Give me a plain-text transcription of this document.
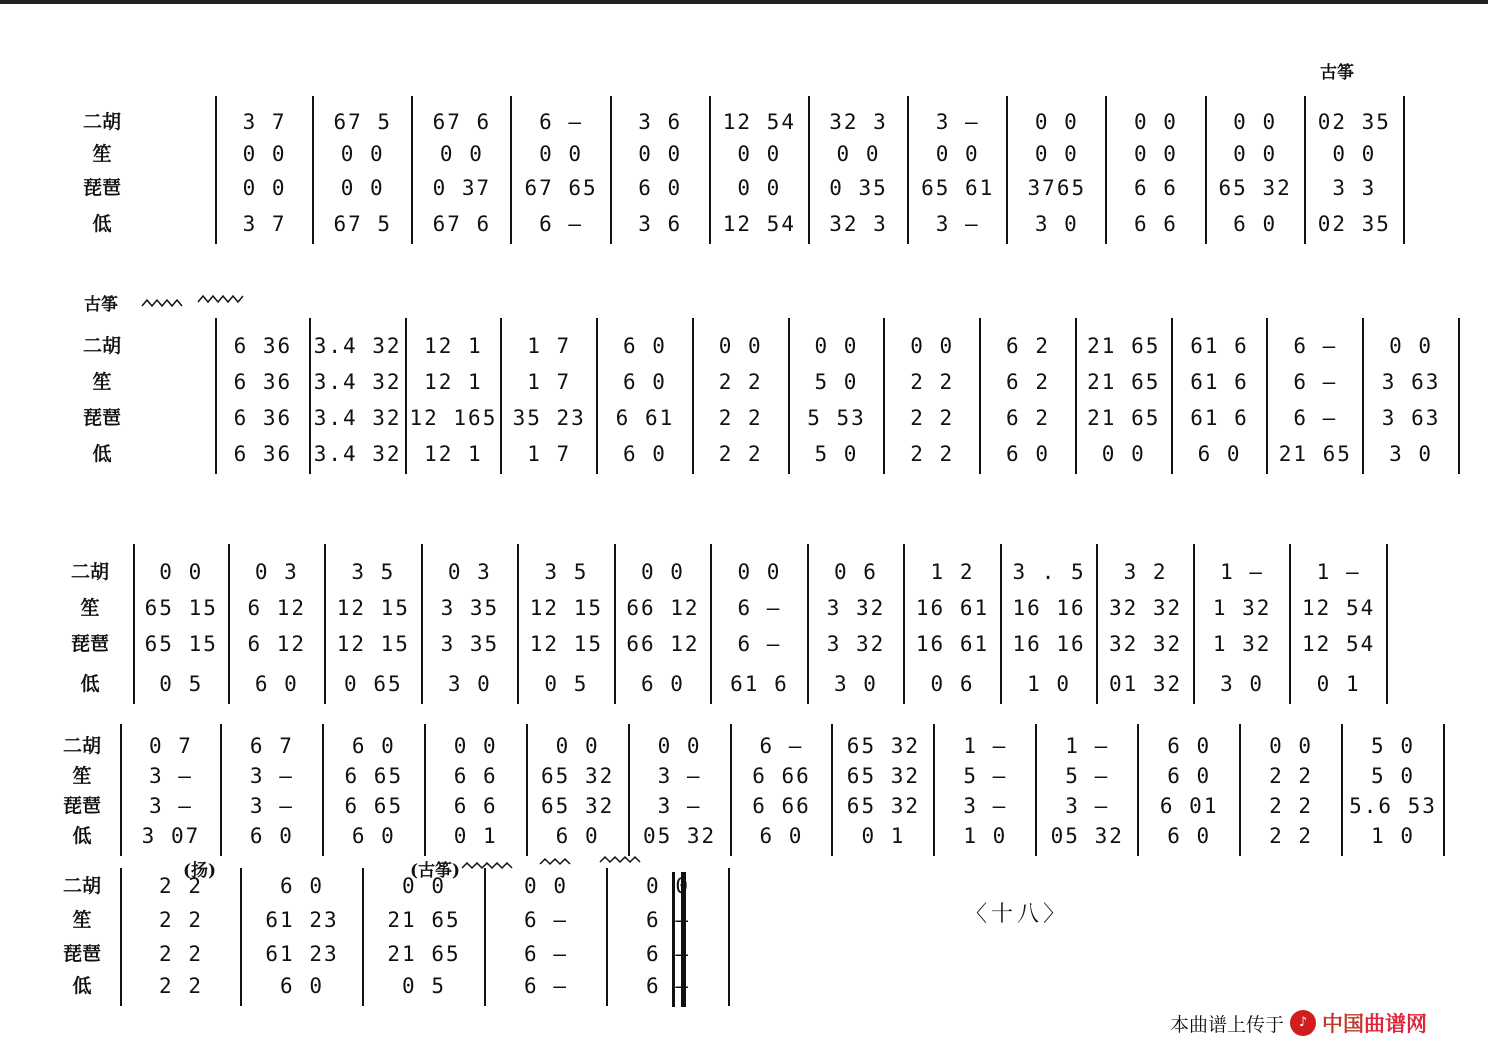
古筝
古筝
二胡
笙
琵琶
低
3 7
0 0
0 0
3 7
67 5
0 0
0 0
67 5
67 6
0 0
0 37
67 6
6 —
0 0
67 65
6 —
3 6
0 0
6 0
3 6
12 54
0 0
0 0
12 54
32 3
0 0
0 35
32 3
3 —
0 0
65 61
3 —
0 0
0 0
3765
3 0
0 0
0 0
6 6
6 6
0 0
0 0
65 32
6 0
02 35
0 0
3 3
02 35
二胡
笙
琵琶
低
6 36
6 36
6 36
6 36
3.4 32
3.4 32
3.4 32
3.4 32
12 1
12 1
12 165
12 1
1 7
1 7
35 23
1 7
6 0
6 0
6 61
6 0
0 0
2 2
2 2
2 2
0 0
5 0
5 53
5 0
0 0
2 2
2 2
2 2
6 2
6 2
6 2
6 0
21 65
21 65
21 65
0 0
61 6
61 6
61 6
6 0
6 —
6 —
6 —
21 65
0 0
3 63
3 63
3 0
二胡
笙
琵琶
低
0 0
65 15
65 15
0 5
0 3
6 12
6 12
6 0
3 5
12 15
12 15
0 65
0 3
3 35
3 35
3 0
3 5
12 15
12 15
0 5
0 0
66 12
66 12
6 0
0 0
6 —
6 —
61 6
0 6
3 32
3 32
3 0
1 2
16 61
16 61
0 6
3 . 5
16 16
16 16
1 0
3 2
32 32
32 32
01 32
1 —
1 32
1 32
3 0
1 —
12 54
12 54
0 1
二胡
笙
琵琶
低
0 7
3 —
3 —
3 07
6 7
3 —
3 —
6 0
6 0
6 65
6 65
6 0
0 0
6 6
6 6
0 1
0 0
65 32
65 32
6 0
0 0
3 —
3 —
05 32
6 —
6 66
6 66
6 0
65 32
65 32
65 32
0 1
1 —
5 —
3 —
1 0
1 —
5 —
3 —
05 32
6 0
6 0
6 01
6 0
0 0
2 2
2 2
2 2
5 0
5 0
5.6 53
1 0
二胡
笙
琵琶
低
2 2
2 2
2 2
2 2
6 0
61 23
61 23
6 0
0 0
21 65
21 65
0 5
0 0
6 —
6 —
6 —
0 0
6 —
6 —
6 —
(扬)	(古筝)
〈十八〉
本曲谱上传于	♪ 中国曲谱网
